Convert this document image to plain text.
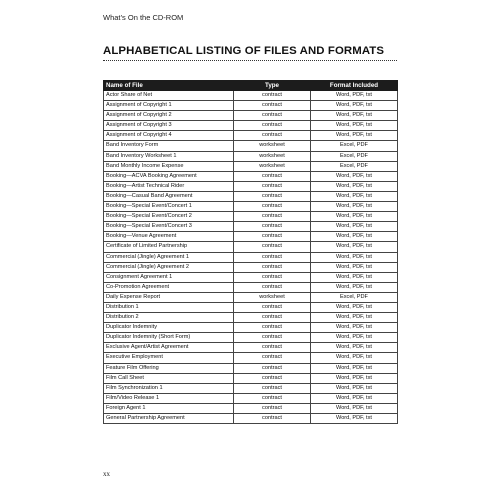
What’s On the CD-ROM
ALPHABETICAL LISTING OF FILES AND FORMATS
Name of File	Type	Format Included
Actor Share of Net	contract	Word, PDF, txt
Assignment of Copyright 1	contract	Word, PDF, txt
Assignment of Copyright 2	contract	Word, PDF, txt
Assignment of Copyright 3	contract	Word, PDF, txt
Assignment of Copyright 4	contract	Word, PDF, txt
Band Inventory Form	worksheet	Excel, PDF
Band Inventory Worksheet 1	worksheet	Excel, PDF
Band Monthly Income Expense	worksheet	Excel, PDF
Booking—ACVA Booking Agreement	contract	Word, PDF, txt
Booking—Artist Technical Rider	contract	Word, PDF, txt
Booking—Casual Band Agreement	contract	Word, PDF, txt
Booking—Special Event/Concert 1	contract	Word, PDF, txt
Booking—Special Event/Concert 2	contract	Word, PDF, txt
Booking—Special Event/Concert 3	contract	Word, PDF, txt
Booking—Venue Agreement	contract	Word, PDF, txt
Certificate of Limited Partnership	contract	Word, PDF, txt
Commercial (Jingle) Agreement 1	contract	Word, PDF, txt
Commercial (Jingle) Agreement 2	contract	Word, PDF, txt
Consignment Agreement 1	contract	Word, PDF, txt
Co-Promotion Agreement	contract	Word, PDF, txt
Daily Expense Report	worksheet	Excel, PDF
Distribution 1	contract	Word, PDF, txt
Distribution 2	contract	Word, PDF, txt
Duplicator Indemnity	contract	Word, PDF, txt
Duplicator Indemnity (Short Form)	contract	Word, PDF, txt
Exclusive Agent/Artist Agreement	contract	Word, PDF, txt
Executive Employment	contract	Word, PDF, txt
Feature Film Offering	contract	Word, PDF, txt
Film Call Sheet	contract	Word, PDF, txt
Film Synchronization 1	contract	Word, PDF, txt
Film/Video Release 1	contract	Word, PDF, txt
Foreign Agent 1	contract	Word, PDF, txt
General Partnership Agreement	contract	Word, PDF, txt
xx
